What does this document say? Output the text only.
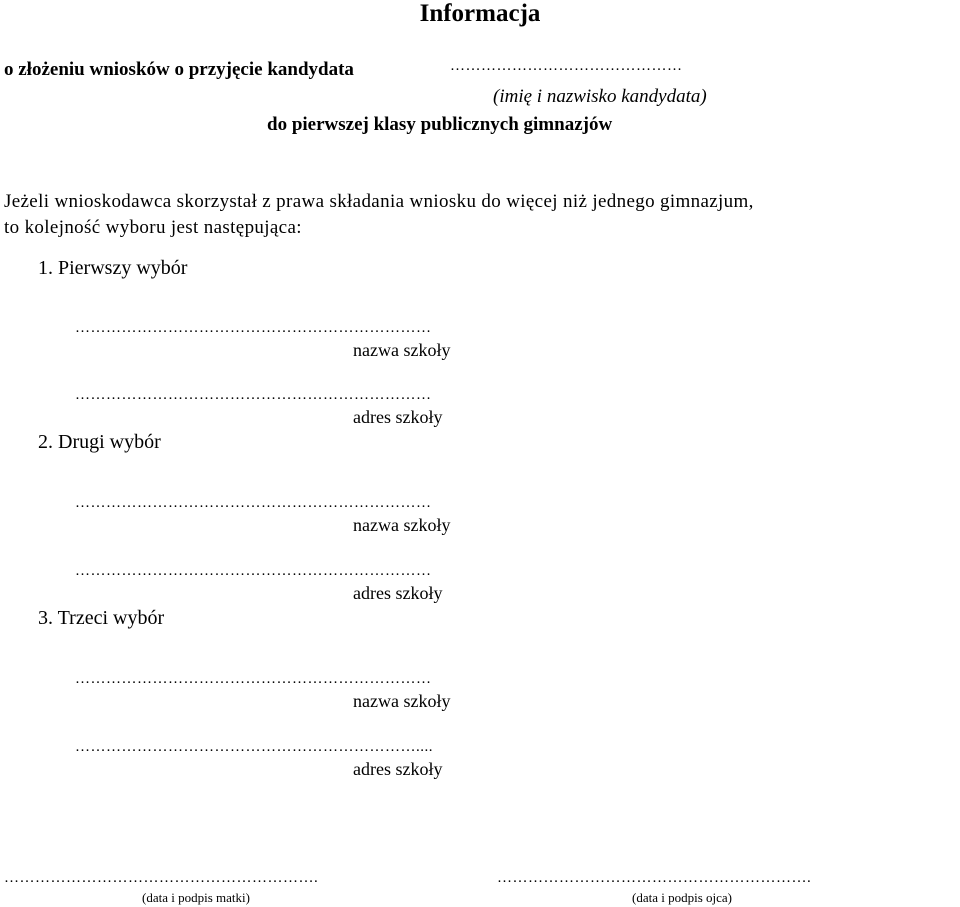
Informacja
o złożeniu wniosków o przyjęcie kandydata	………………………………………
(imię i nazwisko kandydata)
do pierwszej klasy publicznych gimnazjów
Jeżeli wnioskodawca skorzystał z prawa składania wniosku do więcej niż jednego gimnazjum,
to kolejność wyboru jest następująca:
1. Pierwszy wybór
……………………………………………………………
nazwa szkoły
……………………………………………………………
adres szkoły
2. Drugi wybór
……………………………………………………………
nazwa szkoły
……………………………………………………………
adres szkoły
3. Trzeci wybór
……………………………………………………………
nazwa szkoły
…………………………………………………………....
adres szkoły
…………………………………………………….
(data i podpis matki)
…………………………………………………….
(data i podpis ojca)
